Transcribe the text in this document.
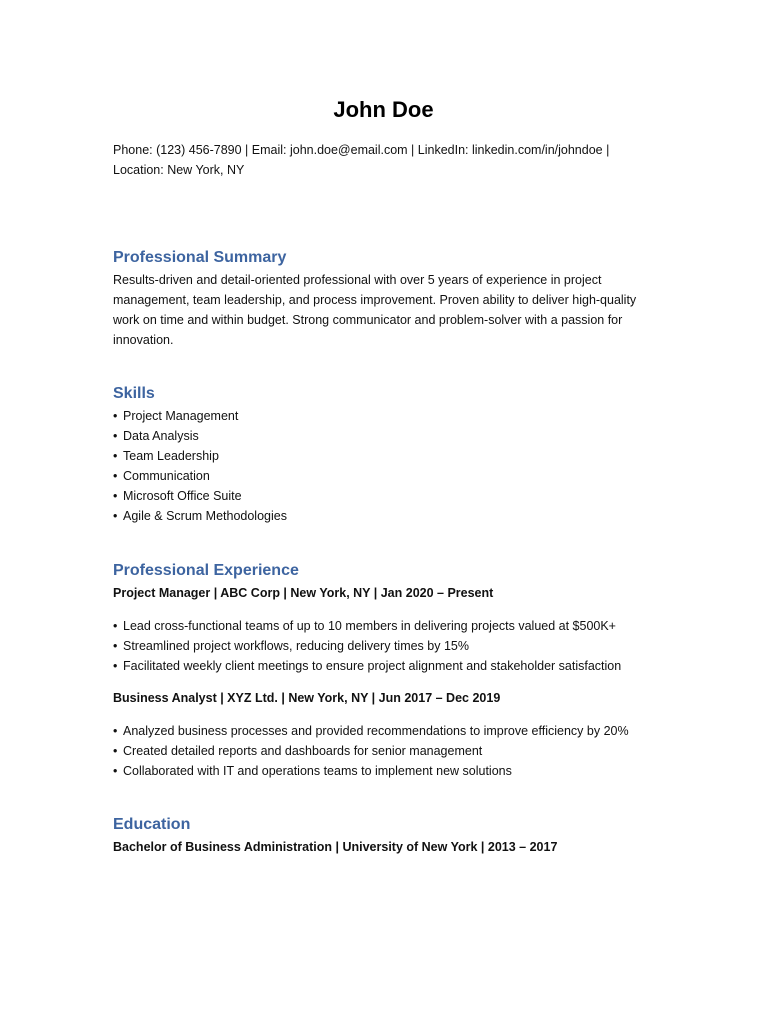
John Doe
Phone: (123) 456-7890 | Email: john.doe@email.com | LinkedIn: linkedin.com/in/johndoe |
Location: New York, NY
Professional Summary
Results-driven and detail-oriented professional with over 5 years of experience in project management, team leadership, and process improvement. Proven ability to deliver high-quality work on time and within budget. Strong communicator and problem-solver with a passion for innovation.
Skills
• Project Management
• Data Analysis
• Team Leadership
• Communication
• Microsoft Office Suite
• Agile & Scrum Methodologies
Professional Experience
Project Manager | ABC Corp | New York, NY | Jan 2020 – Present
• Lead cross-functional teams of up to 10 members in delivering projects valued at $500K+
• Streamlined project workflows, reducing delivery times by 15%
• Facilitated weekly client meetings to ensure project alignment and stakeholder satisfaction
Business Analyst | XYZ Ltd. | New York, NY | Jun 2017 – Dec 2019
• Analyzed business processes and provided recommendations to improve efficiency by 20%
• Created detailed reports and dashboards for senior management
• Collaborated with IT and operations teams to implement new solutions
Education
Bachelor of Business Administration | University of New York | 2013 – 2017
